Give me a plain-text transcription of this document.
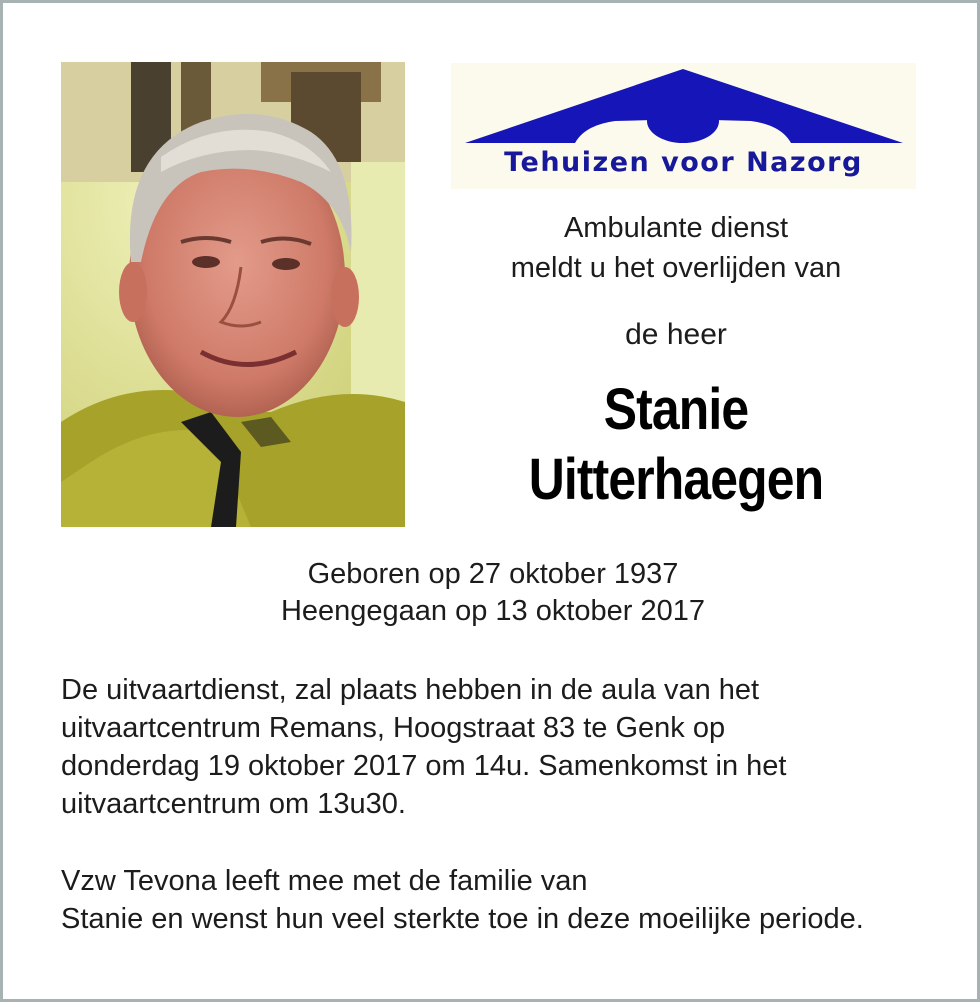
Tehuizen voor Nazorg
Ambulante dienst
meldt u het overlijden van
de heer
Stanie
Uitterhaegen
Geboren op 27 oktober 1937
Heengegaan op 13 oktober 2017
De uitvaartdienst, zal plaats hebben in de aula van het
uitvaartcentrum Remans, Hoogstraat 83 te Genk op
donderdag 19 oktober 2017 om 14u. Samenkomst in het
uitvaartcentrum om 13u30.
Vzw Tevona leeft mee met de familie van
Stanie en wenst hun veel sterkte toe in deze moeilijke periode.
